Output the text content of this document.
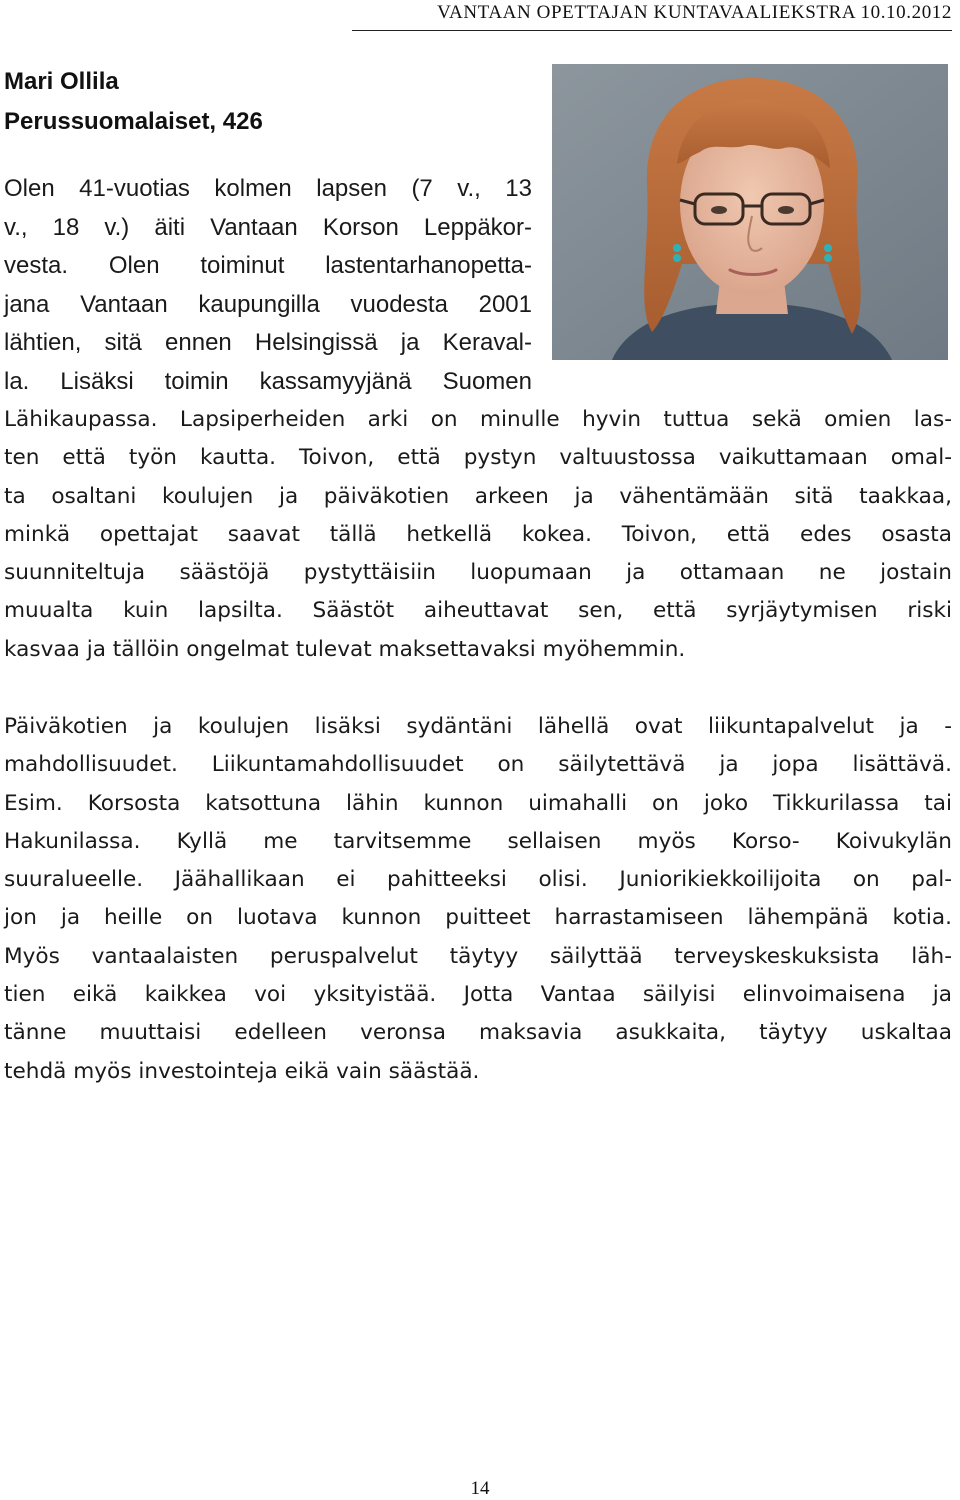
VANTAAN OPETTAJAN KUNTAVAALIEKSTRA 10.10.2012
Mari Ollila
Perussuomalaiset, 426
Olen 41-vuotias kolmen lapsen (7 v., 13
v., 18 v.) äiti Vantaan Korson Leppäkor-
vesta. Olen toiminut lastentarhanopetta-
jana Vantaan kaupungilla vuodesta 2001
lähtien, sitä ennen Helsingissä ja Keraval-
la. Lisäksi toimin kassamyyjänä Suomen
Lähikaupassa. Lapsiperheiden arki on minulle hyvin tuttua sekä omien las-
ten että työn kautta. Toivon, että pystyn valtuustossa vaikuttamaan omal-
ta osaltani koulujen ja päiväkotien arkeen ja vähentämään sitä taakkaa,
minkä opettajat saavat tällä hetkellä kokea. Toivon, että edes osasta
suunniteltuja säästöjä pystyttäisiin luopumaan ja ottamaan ne jostain
muualta kuin lapsilta. Säästöt aiheuttavat sen, että syrjäytymisen riski
kasvaa ja tällöin ongelmat tulevat maksettavaksi myöhemmin.
Päiväkotien ja koulujen lisäksi sydäntäni lähellä ovat liikuntapalvelut ja -
mahdollisuudet. Liikuntamahdollisuudet on säilytettävä ja jopa lisättävä.
Esim. Korsosta katsottuna lähin kunnon uimahalli on joko Tikkurilassa tai
Hakunilassa. Kyllä me tarvitsemme sellaisen myös Korso- Koivukylän
suuralueelle. Jäähallikaan ei pahitteeksi olisi. Juniorikiekkoilijoita on pal-
jon ja heille on luotava kunnon puitteet harrastamiseen lähempänä kotia.
Myös vantaalaisten peruspalvelut täytyy säilyttää terveyskeskuksista läh-
tien eikä kaikkea voi yksityistää. Jotta Vantaa säilyisi elinvoimaisena ja
tänne muuttaisi edelleen veronsa maksavia asukkaita, täytyy uskaltaa
tehdä myös investointeja eikä vain säästää.
14
